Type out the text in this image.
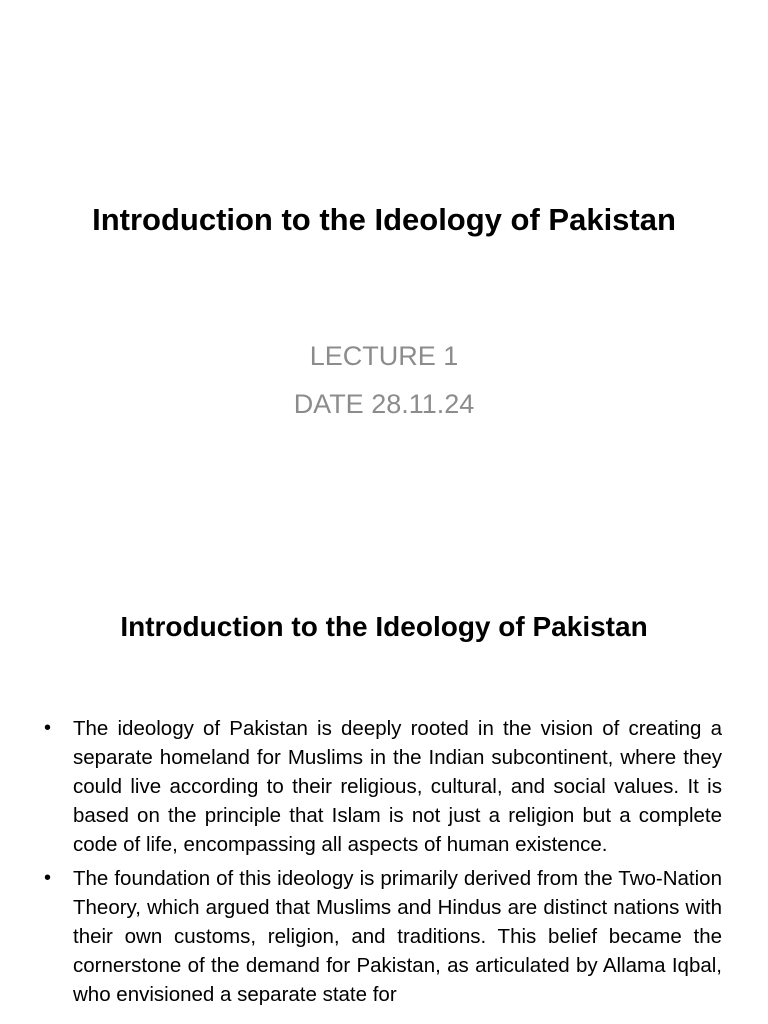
Introduction to the Ideology of Pakistan
LECTURE 1
DATE 28.11.24
Introduction to the Ideology of Pakistan
• The ideology of Pakistan is deeply rooted in the vision of creating a separate homeland for Muslims in the Indian subcontinent, where they could live according to their religious, cultural, and social values. It is based on the principle that Islam is not just a religion but a complete code of life, encompassing all aspects of human existence.
• The foundation of this ideology is primarily derived from the Two-Nation Theory, which argued that Muslims and Hindus are distinct nations with their own customs, religion, and traditions. This belief became the cornerstone of the demand for Pakistan, as articulated by Allama Iqbal, who envisioned a separate state for
